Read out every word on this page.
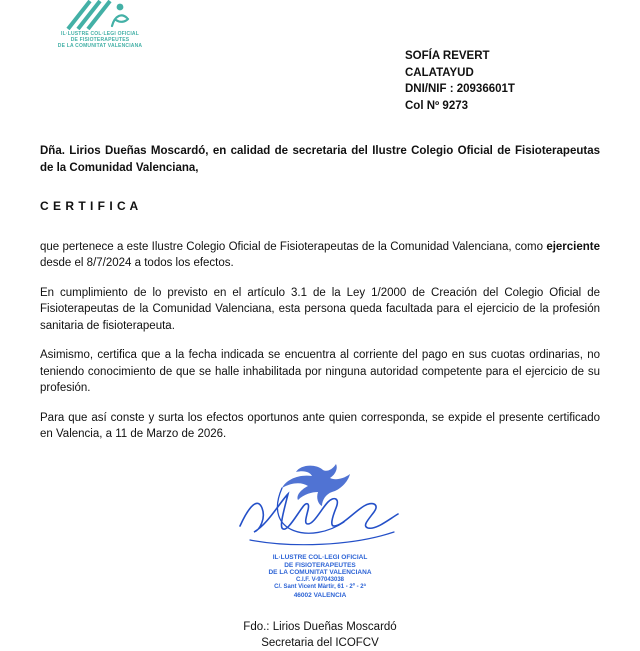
IL·LUSTRE COL·LEGI OFICIAL
DE FISIOTERAPEUTES
DE LA COMUNITAT VALENCIANA
SOFÍA REVERT
CALATAYUD
DNI/NIF : 20936601T
Col Nº 9273

Dña. Lirios Dueñas Moscardó, en calidad de secretaria del Ilustre Colegio Oficial de Fisioterapeutas de la Comunidad Valenciana,

C E R T I F I C A

que pertenece a este Ilustre Colegio Oficial de Fisioterapeutas de la Comunidad Valenciana, como ejerciente desde el 8/7/2024 a todos los efectos.

En cumplimiento de lo previsto en el artículo 3.1 de la Ley 1/2000 de Creación del Colegio Oficial de Fisioterapeutas de la Comunidad Valenciana, esta persona queda facultada para el ejercicio de la profesión sanitaria de fisioterapeuta.

Asimismo, certifica que a la fecha indicada se encuentra al corriente del pago en sus cuotas ordinarias, no teniendo conocimiento de que se halle inhabilitada por ninguna autoridad competente para el ejercicio de su profesión.

Para que así conste y surta los efectos oportunos ante quien corresponda, se expide el presente certificado en Valencia, a 11 de Marzo de 2026.

IL·LUSTRE COL·LEGI OFICIAL
DE FISIOTERAPEUTES
DE LA COMUNITAT VALENCIANA
C.I.F. V-97043038
C/. Sant Vicent Màrtir, 61 - 2º - 2ª
46002 VALENCIA
Fdo.: Lirios Dueñas Moscardó
Secretaria del ICOFCV
